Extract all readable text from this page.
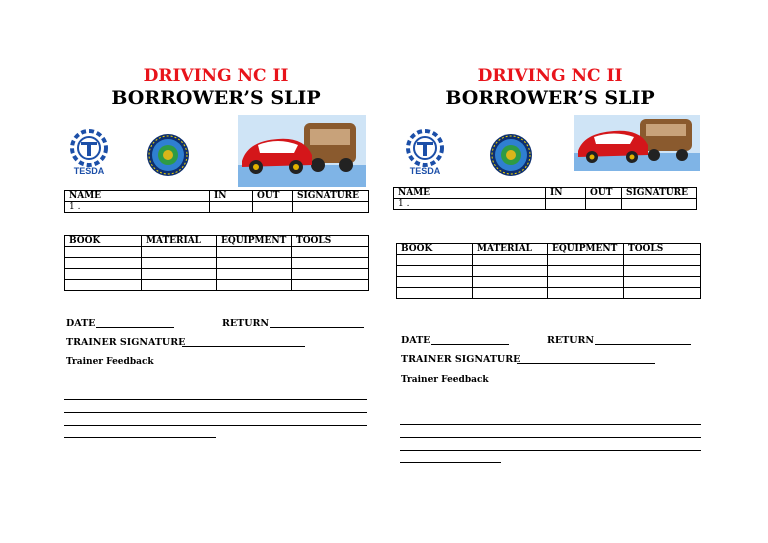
DRIVING NC II
BORROWER’S SLIP
TESDA
NAME	IN	OUT	SIGNATURE
1 .			
BOOK	MATERIAL	EQUIPMENT	TOOLS

DATE	RETURN
TRAINER SIGNATURE
Trainer Feedback
DRIVING NC II
BORROWER’S SLIP
TESDA
NAME	IN	OUT	SIGNATURE
1 .			
BOOK	MATERIAL	EQUIPMENT	TOOLS

DATE	RETURN
TRAINER SIGNATURE
Trainer Feedback
